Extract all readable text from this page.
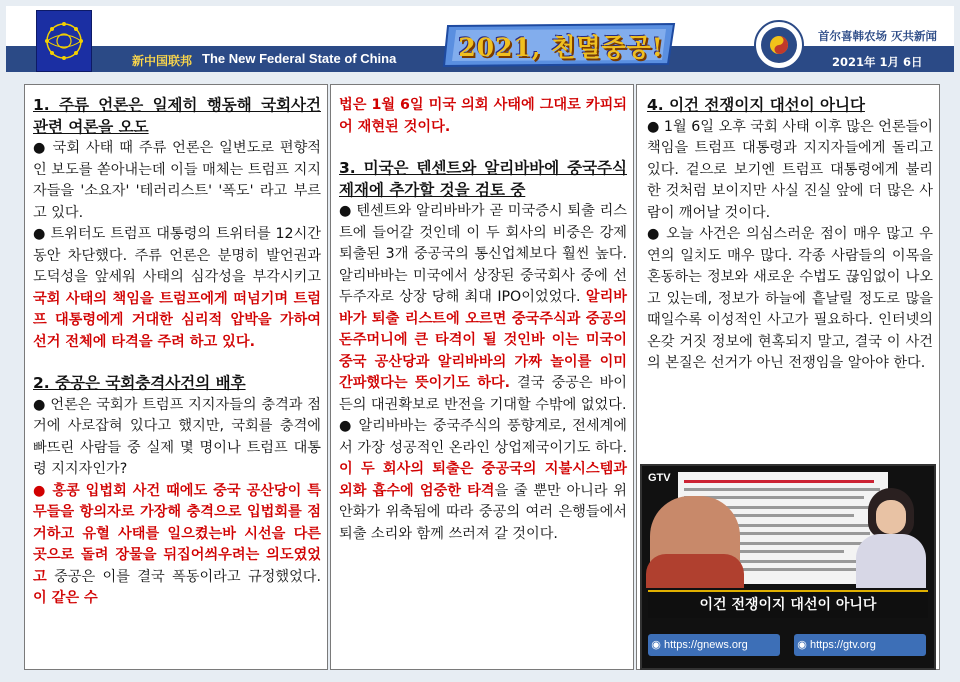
新中国联邦 The New Federal State of China	2021, 천멸중공!	首尔喜韩农场 灭共新闻
2021年 1月 6日
1. 주류 언론은 일제히 행동해 국회사건 관련 여론을 오도

● 국회 사태 때 주류 언론은 일변도로 편향적인 보도를 쏟아내는데 이들 매체는 트럼프 지지자들을 '소요자' '테러리스트' '폭도' 라고 부르고 있다.

● 트위터도 트럼프 대통령의 트위터를 12시간 동안 차단했다. 주류 언론은 분명히 발언권과 도덕성을 앞세워 사태의 심각성을 부각시키고 국회 사태의 책임을 트럼프에게 떠넘기며 트럼프 대통령에게 거대한 심리적 압박을 가하여 선거 전체에 타격을 주려 하고 있다.

2. 중공은 국회충격사건의 배후

● 언론은 국회가 트럼프 지지자들의 충격과 점거에 사로잡혀 있다고 했지만, 국회를 충격에 빠뜨린 사람들 중 실제 몇 명이나 트럼프 대통령 지지자인가?

● 홍콩 입법회 사건 때에도 중국 공산당이 특무들을 항의자로 가장해 충격으로 입법회를 점거하고 유혈 사태를 일으켰는바 시선을 다른 곳으로 돌려 장물을 뒤집어씌우려는 의도였었고 중공은 이를 결국 폭동이라고 규정했었다. 이 같은 수

법은 1월 6일 미국 의회 사태에 그대로 카피되어 재현된 것이다.

3. 미국은 텐센트와 알리바바에 중국주식 제재에 추가할 것을 검토 중

● 텐센트와 알리바바가 곧 미국증시 퇴출 리스트에 들어갈 것인데 이 두 회사의 비중은 강제 퇴출된 3개 중공국의 통신업체보다 훨씬 높다. 알리바바는 미국에서 상장된 중국회사 중에 선두주자로 상장 당해 최대 IPO이었었다. 알리바바가 퇴출 리스트에 오르면 중국주식과 중공의 돈주머니에 큰 타격이 될 것인바 이는 미국이 중국 공산당과 알리바바의 가짜 놀이를 이미 간파했다는 뜻이기도 하다. 결국 중공은 바이든의 대권확보로 반전을 기대할 수밖에 없었다.

● 알리바바는 중국주식의 풍향계로, 전세계에서 가장 성공적인 온라인 상업제국이기도 하다. 이 두 회사의 퇴출은 중공국의 지불시스템과 외화 흡수에 엄중한 타격을 줄 뿐만 아니라 위안화가 위축됨에 따라 중공의 여러 은행들에서 퇴출 소리와 함께 쓰러져 갈 것이다.

4. 이건 전쟁이지 대선이 아니다

● 1월 6일 오후 국회 사태 이후 많은 언론들이 책임을 트럼프 대통령과 지지자들에게 돌리고 있다. 겉으로 보기엔 트럼프 대통령에게 불리한 것처럼 보이지만 사실 진실 앞에 더 많은 사람이 깨어날 것이다.

● 오늘 사건은 의심스러운 점이 매우 많고 우연의 일치도 매우 많다. 각종 사람들의 이목을 혼동하는 정보와 새로운 수법도 끊임없이 나오고 있는데, 정보가 하늘에 흩날릴 정도로 많을 때일수록 이성적인 사고가 필요하다. 인터넷의 온갖 거짓 정보에 현혹되지 말고, 결국 이 사건의 본질은 선거가 아닌 전쟁임을 알아야 한다.

GTV
이건 전쟁이지 대선이 아니다
◉ https://gnews.org	◉ https://gtv.org
